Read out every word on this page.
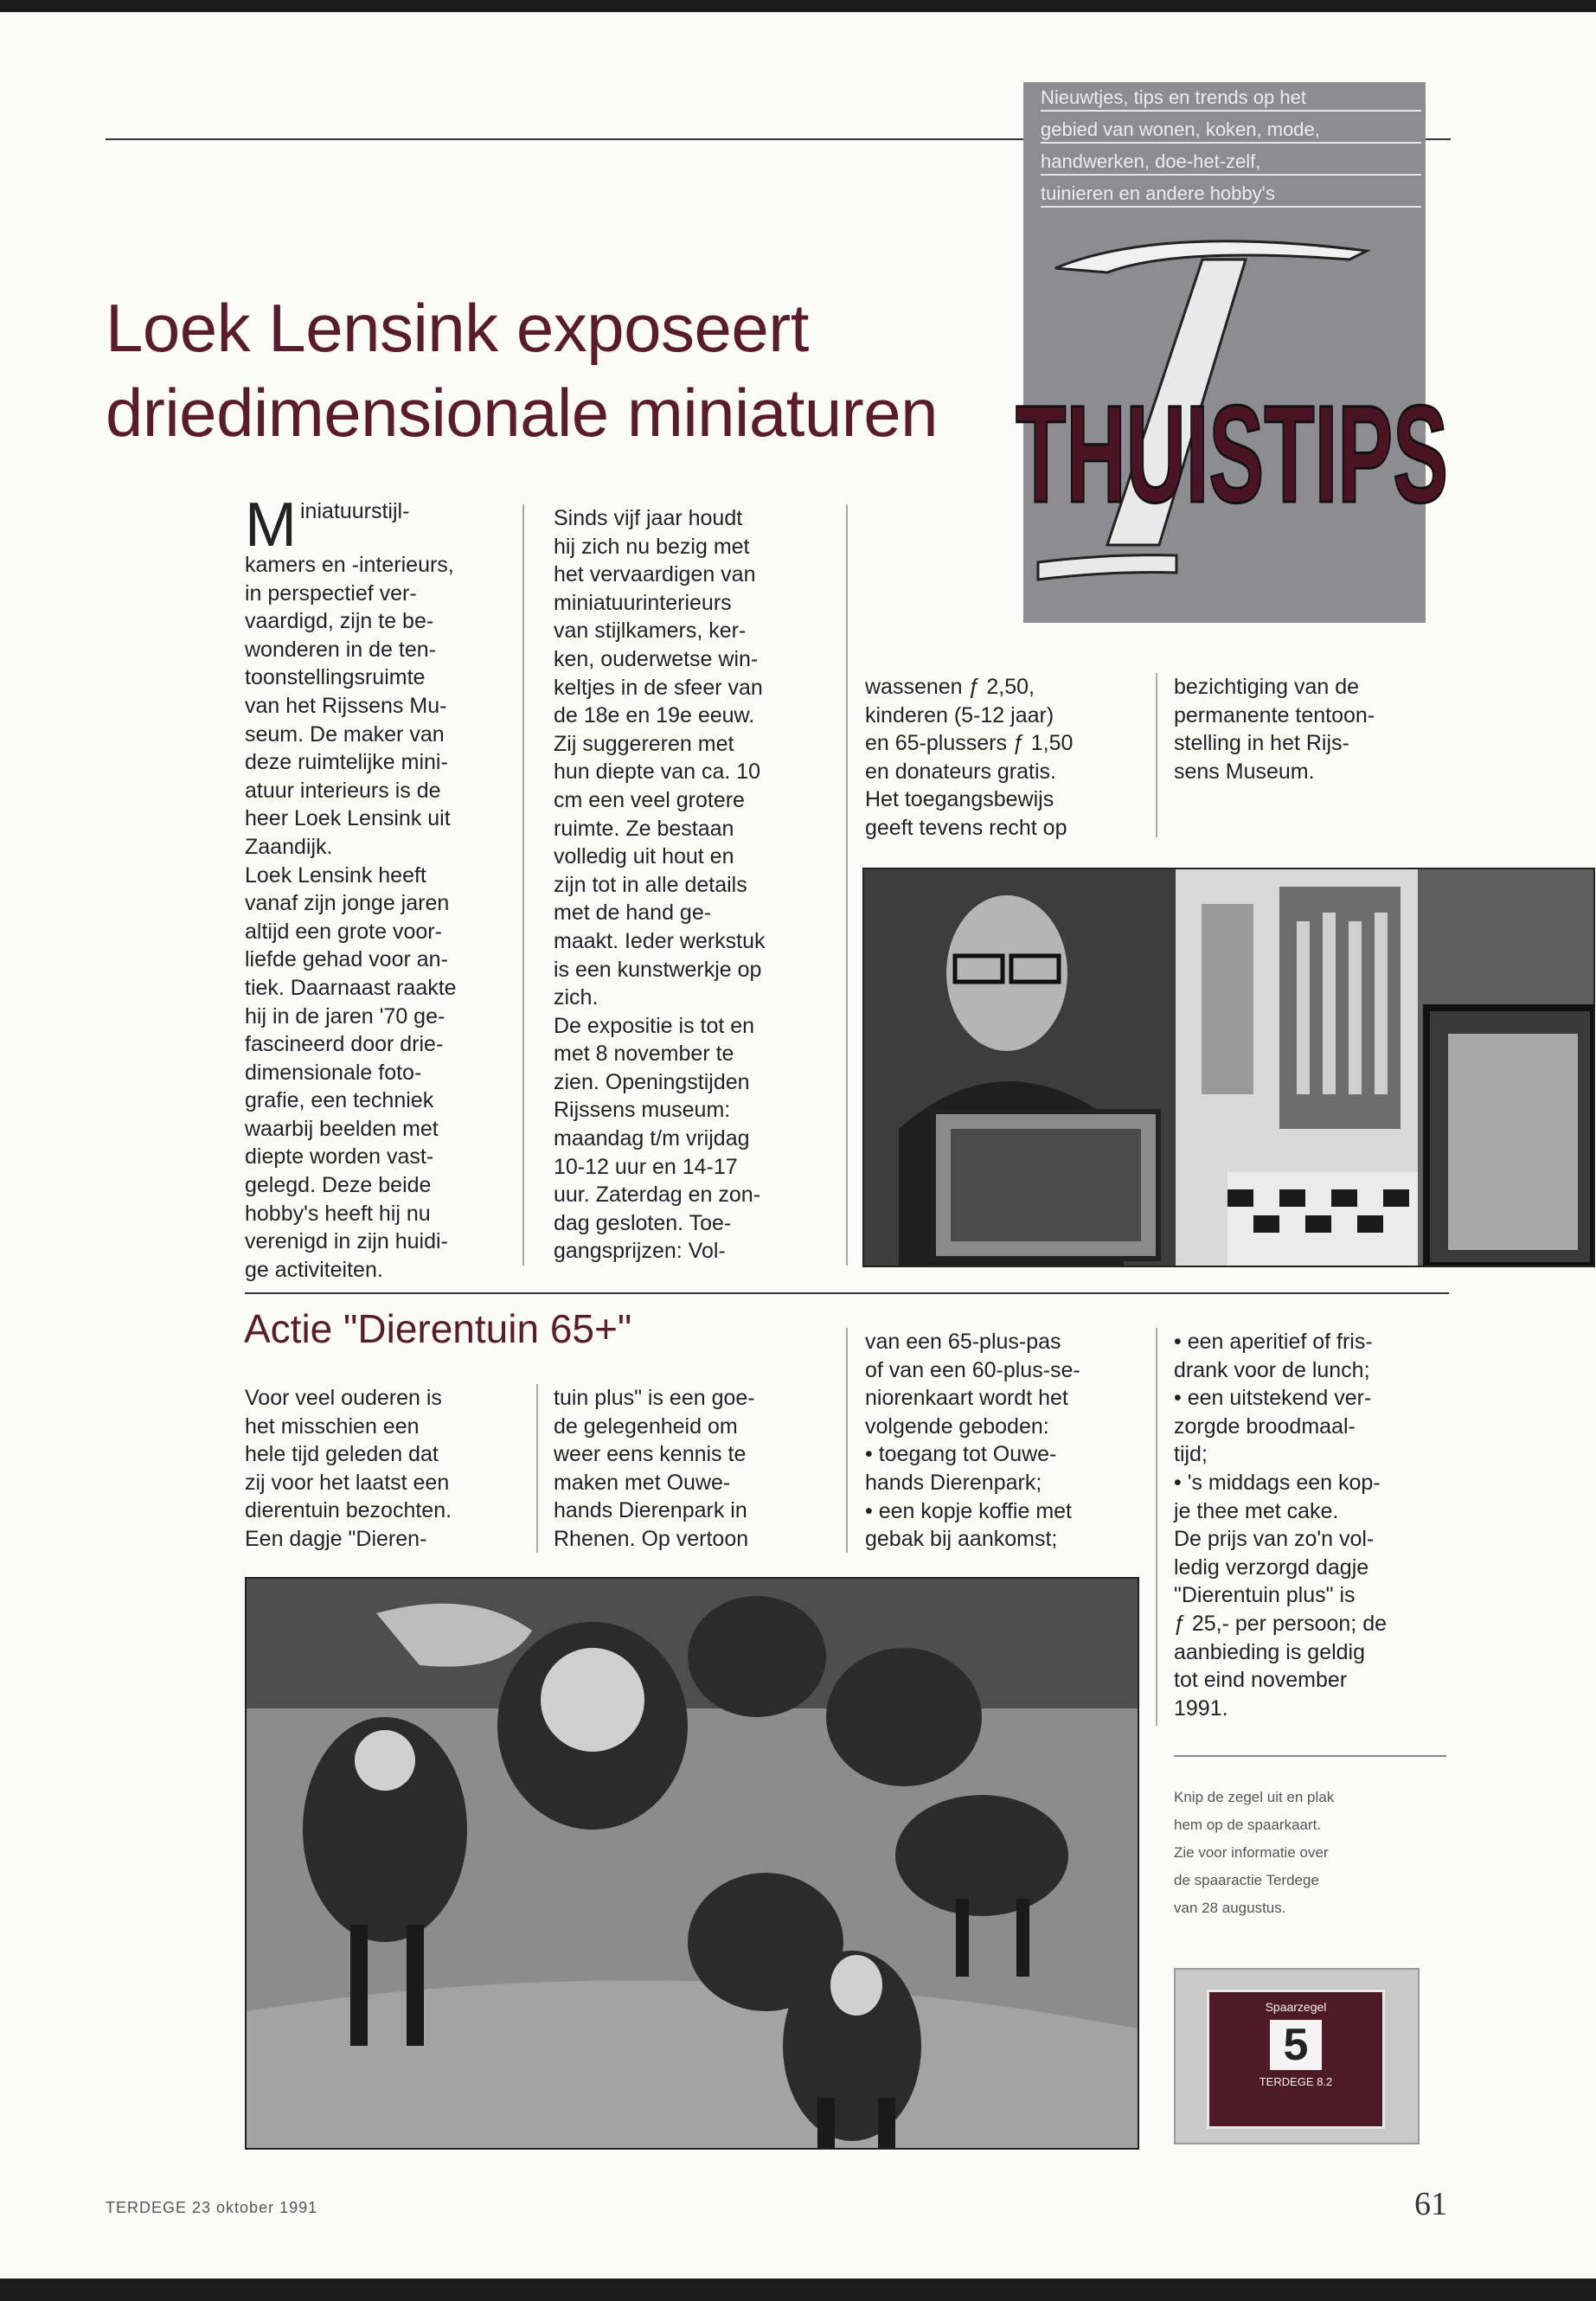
Nieuwtjes, tips en trends op het
gebied van wonen, koken, mode,
handwerken, doe-het-zelf,
tuinieren en andere hobby's
THUISTIPS
Loek Lensink exposeert
driedimensionale miniaturen

Miniatuurstijl-

kamers en -interieurs,
in perspectief ver-
vaardigd, zijn te be-
wonderen in de ten-
toonstellingsruimte
van het Rijssens Mu-
seum. De maker van
deze ruimtelijke mini-
atuur interieurs is de
heer Loek Lensink uit
Zaandijk.
Loek Lensink heeft
vanaf zijn jonge jaren
altijd een grote voor-
liefde gehad voor an-
tiek. Daarnaast raakte
hij in de jaren '70 ge-
fascineerd door drie-
dimensionale foto-
grafie, een techniek
waarbij beelden met
diepte worden vast-
gelegd. Deze beide
hobby's heeft hij nu
verenigd in zijn huidi-
ge activiteiten.

Sinds vijf jaar houdt
hij zich nu bezig met
het vervaardigen van
miniatuurinterieurs
van stijlkamers, ker-
ken, ouderwetse win-
keltjes in de sfeer van
de 18e en 19e eeuw.
Zij suggereren met
hun diepte van ca. 10
cm een veel grotere
ruimte. Ze bestaan
volledig uit hout en
zijn tot in alle details
met de hand ge-
maakt. Ieder werkstuk
is een kunstwerkje op
zich.
De expositie is tot en
met 8 november te
zien. Openingstijden
Rijssens museum:
maandag t/m vrijdag
10-12 uur en 14-17
uur. Zaterdag en zon-
dag gesloten. Toe-
gangsprijzen: Vol-

wassenen ƒ 2,50,
kinderen (5-12 jaar)
en 65-plussers ƒ 1,50
en donateurs gratis.
Het toegangsbewijs
geeft tevens recht op

bezichtiging van de
permanente tentoon-
stelling in het Rijs-
sens Museum.

Actie "Dierentuin 65+"

Voor veel ouderen is
het misschien een
hele tijd geleden dat
zij voor het laatst een
dierentuin bezochten.
Een dagje "Dieren-

tuin plus" is een goe-
de gelegenheid om
weer eens kennis te
maken met Ouwe-
hands Dierenpark in
Rhenen. Op vertoon

van een 65-plus-pas
of van een 60-plus-se-
niorenkaart wordt het
volgende geboden:
• toegang tot Ouwe-
hands Dierenpark;
• een kopje koffie met
gebak bij aankomst;

• een aperitief of fris-
drank voor de lunch;
• een uitstekend ver-
zorgde broodmaal-
tijd;
• 's middags een kop-
je thee met cake.
De prijs van zo'n vol-
ledig verzorgd dagje
"Dierentuin plus" is
ƒ 25,- per persoon; de
aanbieding is geldig
tot eind november
1991.

Knip de zegel uit en plak
hem op de spaarkaart.
Zie voor informatie over
de spaaractie Terdege
van 28 augustus.
Spaarzegel
5
TERDEGE 8.2
TERDEGE 23 oktober 1991	61
